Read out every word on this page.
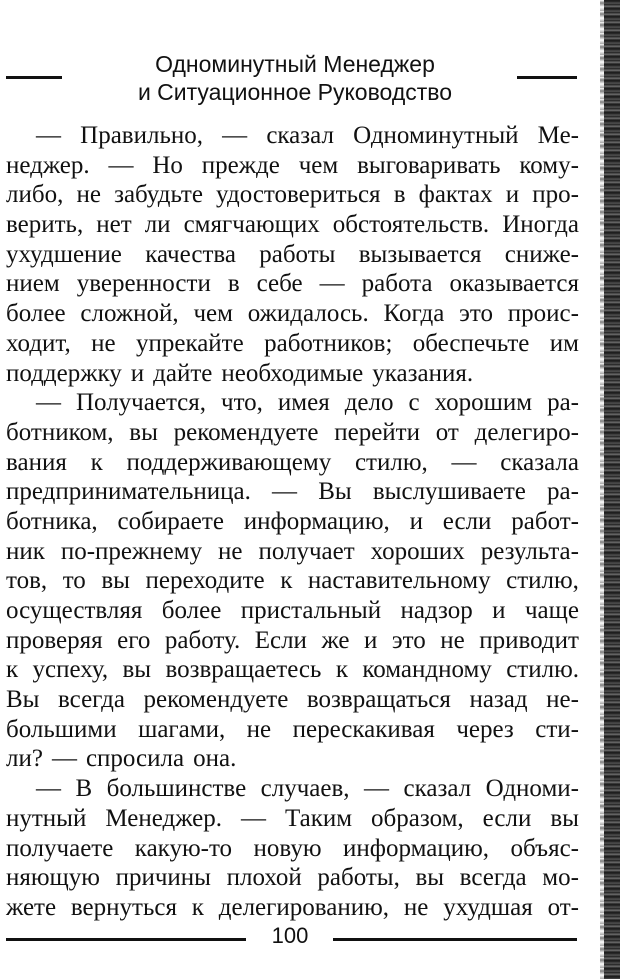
Одноминутный Менеджер
и Ситуационное Руководство
— Правильно, — сказал Одноминутный Ме-
неджер. — Но прежде чем выговаривать кому-
либо, не забудьте удостовериться в фактах и про-
верить, нет ли смягчающих обстоятельств. Иногда
ухудшение качества работы вызывается сниже-
нием уверенности в себе — работа оказывается
более сложной, чем ожидалось. Когда это проис-
ходит, не упрекайте работников; обеспечьте им
поддержку и дайте необходимые указания.
— Получается, что, имея дело с хорошим ра-
ботником, вы рекомендуете перейти от делегиро-
вания к поддерживающему стилю, — сказала
предпринимательница. — Вы выслушиваете ра-
ботника, собираете информацию, и если работ-
ник по-прежнему не получает хороших результа-
тов, то вы переходите к наставительному стилю,
осуществляя более пристальный надзор и чаще
проверяя его работу. Если же и это не приводит
к успеху, вы возвращаетесь к командному стилю.
Вы всегда рекомендуете возвращаться назад не-
большими шагами, не перескакивая через сти-
ли? — спросила она.
— В большинстве случаев, — сказал Одноми-
нутный Менеджер. — Таким образом, если вы
получаете какую-то новую информацию, объяс-
няющую причины плохой работы, вы всегда мо-
жете вернуться к делегированию, не ухудшая от-
100
